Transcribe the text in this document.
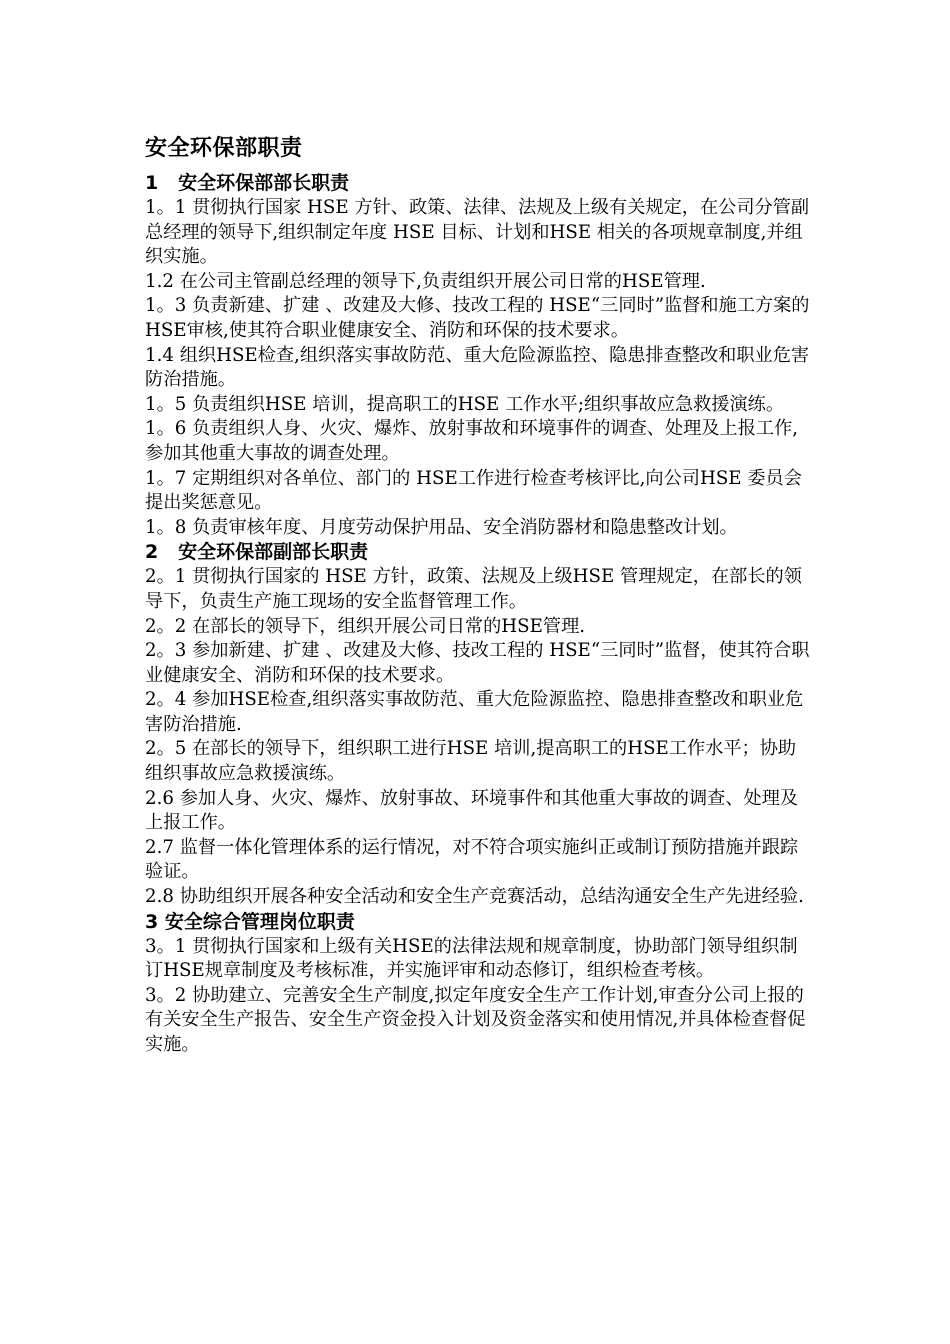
安全环保部职责
1   安全环保部部长职责

1。1 贯彻执行国家 HSE 方针、政策、法律、法规及上级有关规定，在公司分管副总经理的领导下,组织制定年度 HSE 目标、计划和HSE 相关的各项规章制度,并组织实施。

1.2 在公司主管副总经理的领导下,负责组织开展公司日常的HSE管理.

1。3 负责新建、扩建 、改建及大修、技改工程的 HSE“三同时”监督和施工方案的HSE审核,使其符合职业健康安全、消防和环保的技术要求。

1.4 组织HSE检查,组织落实事故防范、重大危险源监控、隐患排查整改和职业危害防治措施。

1。5 负责组织HSE 培训，提高职工的HSE 工作水平;组织事故应急救援演练。

1。6 负责组织人身、火灾、爆炸、放射事故和环境事件的调查、处理及上报工作,参加其他重大事故的调查处理。

1。7 定期组织对各单位、部门的 HSE工作进行检查考核评比,向公司HSE 委员会提出奖惩意见。

1。8 负责审核年度、月度劳动保护用品、安全消防器材和隐患整改计划。

2   安全环保部副部长职责

2。1 贯彻执行国家的 HSE 方针，政策、法规及上级HSE 管理规定，在部长的领导下，负责生产施工现场的安全监督管理工作。

2。2 在部长的领导下，组织开展公司日常的HSE管理.

2。3 参加新建、扩建 、改建及大修、技改工程的 HSE“三同时”监督，使其符合职业健康安全、消防和环保的技术要求。

2。4 参加HSE检查,组织落实事故防范、重大危险源监控、隐患排查整改和职业危害防治措施.

2。5 在部长的领导下，组织职工进行HSE 培训,提高职工的HSE工作水平；协助组织事故应急救援演练。

2.6 参加人身、火灾、爆炸、放射事故、环境事件和其他重大事故的调查、处理及上报工作。

2.7 监督一体化管理体系的运行情况，对不符合项实施纠正或制订预防措施并跟踪验证。

2.8 协助组织开展各种安全活动和安全生产竞赛活动，总结沟通安全生产先进经验.

3 安全综合管理岗位职责

3。1 贯彻执行国家和上级有关HSE的法律法规和规章制度，协助部门领导组织制订HSE规章制度及考核标准，并实施评审和动态修订，组织检查考核。

3。2 协助建立、完善安全生产制度,拟定年度安全生产工作计划,审查分公司上报的有关安全生产报告、安全生产资金投入计划及资金落实和使用情况,并具体检查督促实施。
